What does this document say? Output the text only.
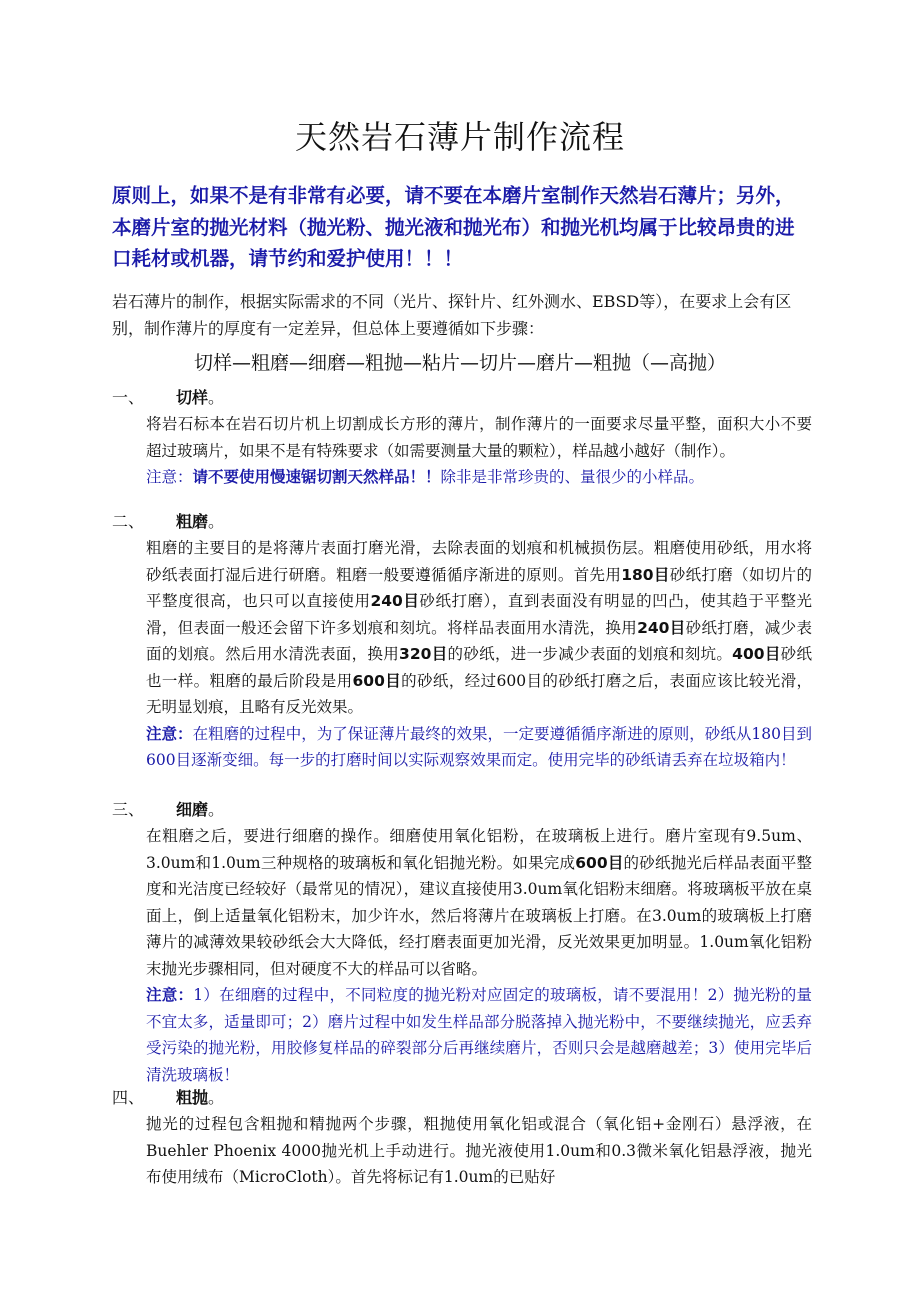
天然岩石薄片制作流程

原则上，如果不是有非常有必要，请不要在本磨片室制作天然岩石薄片；另外，本磨片室的抛光材料（抛光粉、抛光液和抛光布）和抛光机均属于比较昂贵的进口耗材或机器，请节约和爱护使用！！！

岩石薄片的制作，根据实际需求的不同（光片、探针片、红外测水、EBSD等），在要求上会有区别，制作薄片的厚度有一定差异，但总体上要遵循如下步骤：

切样—粗磨—细磨—粗抛—粘片—切片—磨片—粗抛（—高抛）

一、 切样。

将岩石标本在岩石切片机上切割成长方形的薄片，制作薄片的一面要求尽量平整，面积大小不要超过玻璃片，如果不是有特殊要求（如需要测量大量的颗粒），样品越小越好（制作）。

注意：请不要使用慢速锯切割天然样品！！除非是非常珍贵的、量很少的小样品。

二、 粗磨。

粗磨的主要目的是将薄片表面打磨光滑，去除表面的划痕和机械损伤层。粗磨使用砂纸，用水将砂纸表面打湿后进行研磨。粗磨一般要遵循循序渐进的原则。首先用180目砂纸打磨（如切片的平整度很高，也只可以直接使用240目砂纸打磨），直到表面没有明显的凹凸，使其趋于平整光滑，但表面一般还会留下许多划痕和刻坑。将样品表面用水清洗，换用240目砂纸打磨，减少表面的划痕。然后用水清洗表面，换用320目的砂纸，进一步减少表面的划痕和刻坑。400目砂纸也一样。粗磨的最后阶段是用600目的砂纸，经过600目的砂纸打磨之后，表面应该比较光滑，无明显划痕，且略有反光效果。

注意：在粗磨的过程中，为了保证薄片最终的效果，一定要遵循循序渐进的原则，砂纸从180目到600目逐渐变细。每一步的打磨时间以实际观察效果而定。使用完毕的砂纸请丢弃在垃圾箱内！

三、 细磨。

在粗磨之后，要进行细磨的操作。细磨使用氧化铝粉，在玻璃板上进行。磨片室现有9.5um、3.0um和1.0um三种规格的玻璃板和氧化铝抛光粉。如果完成600目的砂纸抛光后样品表面平整度和光洁度已经较好（最常见的情况），建议直接使用3.0um氧化铝粉末细磨。将玻璃板平放在桌面上，倒上适量氧化铝粉末，加少许水，然后将薄片在玻璃板上打磨。在3.0um的玻璃板上打磨薄片的减薄效果较砂纸会大大降低，经打磨表面更加光滑，反光效果更加明显。1.0um氧化铝粉末抛光步骤相同，但对硬度不大的样品可以省略。

注意：1）在细磨的过程中，不同粒度的抛光粉对应固定的玻璃板，请不要混用！2）抛光粉的量不宜太多，适量即可；2）磨片过程中如发生样品部分脱落掉入抛光粉中，不要继续抛光，应丢弃受污染的抛光粉，用胶修复样品的碎裂部分后再继续磨片，否则只会是越磨越差；3）使用完毕后清洗玻璃板！

四、 粗抛。

抛光的过程包含粗抛和精抛两个步骤，粗抛使用氧化铝或混合（氧化铝+金刚石）悬浮液，在Buehler Phoenix 4000抛光机上手动进行。抛光液使用1.0um和0.3微米氧化铝悬浮液，抛光布使用绒布（MicroCloth）。首先将标记有1.0um的已贴好
